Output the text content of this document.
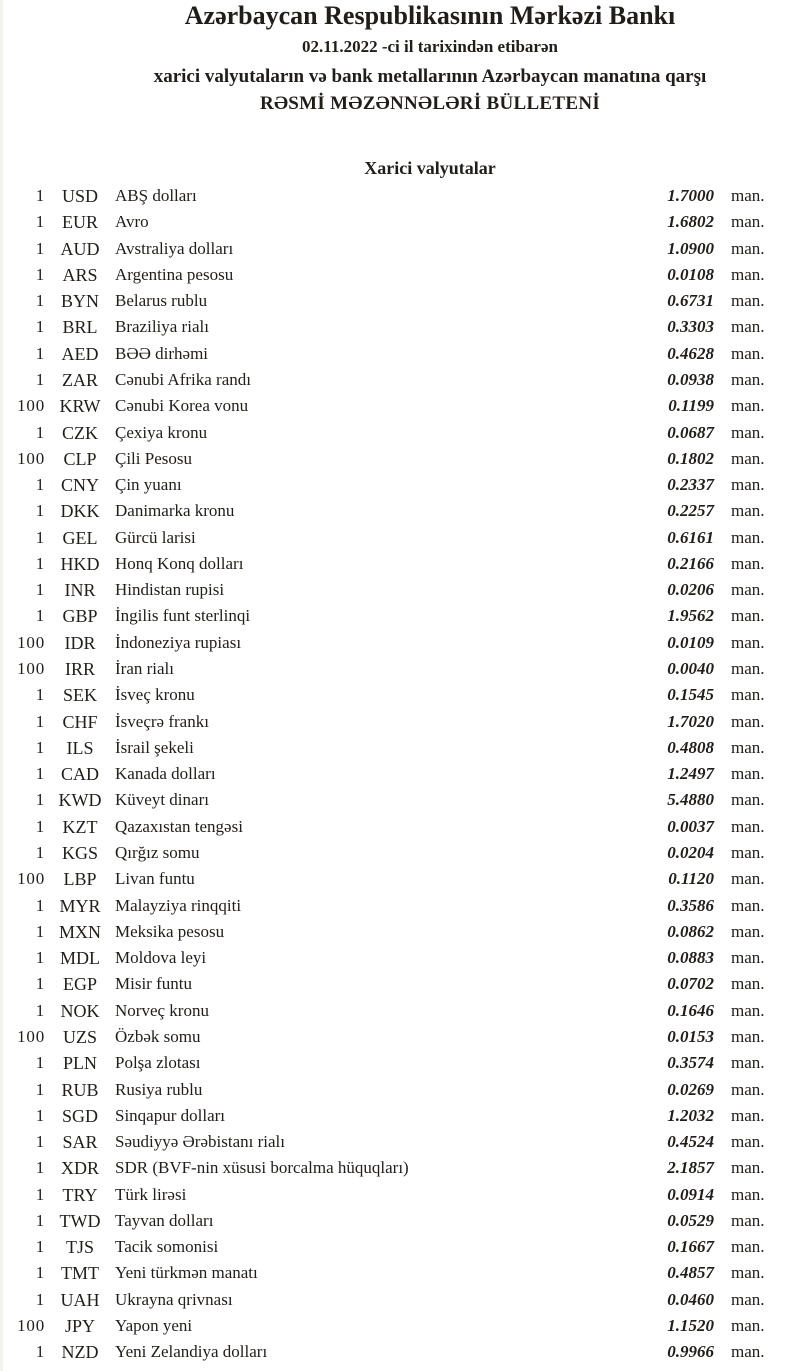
Azərbaycan Respublikasının Mərkəzi Bankı
02.11.2022 -ci il tarixindən etibarən
xarici valyutaların və bank metallarının Azərbaycan manatına qarşı
RƏSMİ MƏZƏNNƏLƏRİ BÜLLETENİ
Xarici valyutalar
1 USD	ABŞ dolları	1.7000 man.
1 EUR	Avro	1.6802 man.
1 AUD Avstraliya dolları	1.0900 man.
1 ARS	Argentina pesosu	0.0108 man.
1 BYN Belarus rublu	0.6731 man.
1 BRL	Braziliya rialı	0.3303 man.
1 AED BƏƏ dirhəmi	0.4628 man.
1 ZAR	Cənubi Afrika randı	0.0938 man.
100 KRW Cənubi Korea vonu	0.1199 man.
1 CZK	Çexiya kronu	0.0687 man.
100	CLP	Çili Pesosu	0.1802 man.
1 CNY Çin yuanı	0.2337 man.
1 DKK Danimarka kronu	0.2257 man.
1 GEL	Gürcü larisi	0.6161 man.
1 HKD Honq Konq dolları	0.2166 man.
1	INR	Hindistan rupisi	0.0206 man.
1 GBP	İngilis funt sterlinqi	1.9562 man.
100	IDR	İndoneziya rupiası	0.0109 man.
100	IRR	İran rialı	0.0040 man.
1 SEK	İsveç kronu	0.1545 man.
1 CHF	İsveçrə frankı	1.7020 man.
1	ILS	İsrail şekeli	0.4808 man.
1 CAD Kanada dolları	1.2497 man.
1 KWD Küveyt dinarı	5.4880 man.
1 KZT	Qazaxıstan tengəsi	0.0037 man.
1 KGS	Qırğız somu	0.0204 man.
100	LBP	Livan funtu	0.1120 man.
1 MYR Malayziya rinqqiti	0.3586 man.
1 MXN Meksika pesosu	0.0862 man.
1 MDL Moldova leyi	0.0883 man.
1 EGP	Misir funtu	0.0702 man.
1 NOK Norveç kronu	0.1646 man.
100 UZS	Özbək somu	0.0153 man.
1 PLN	Polşa zlotası	0.3574 man.
1 RUB Rusiya rublu	0.0269 man.
1 SGD	Sinqapur dolları	1.2032 man.
1 SAR	Səudiyyə Ərəbistanı rialı	0.4524 man.
1 XDR SDR (BVF-nin xüsusi borcalma hüquqları)	2.1857 man.
1 TRY	Türk lirəsi	0.0914 man.
1 TWD Tayvan dolları	0.0529 man.
1	TJS	Tacik somonisi	0.1667 man.
1 TMT Yeni türkmən manatı	0.4857 man.
1 UAH Ukrayna qrivnası	0.0460 man.
100	JPY	Yapon yeni	1.1520 man.
1 NZD Yeni Zelandiya dolları	0.9966 man.
